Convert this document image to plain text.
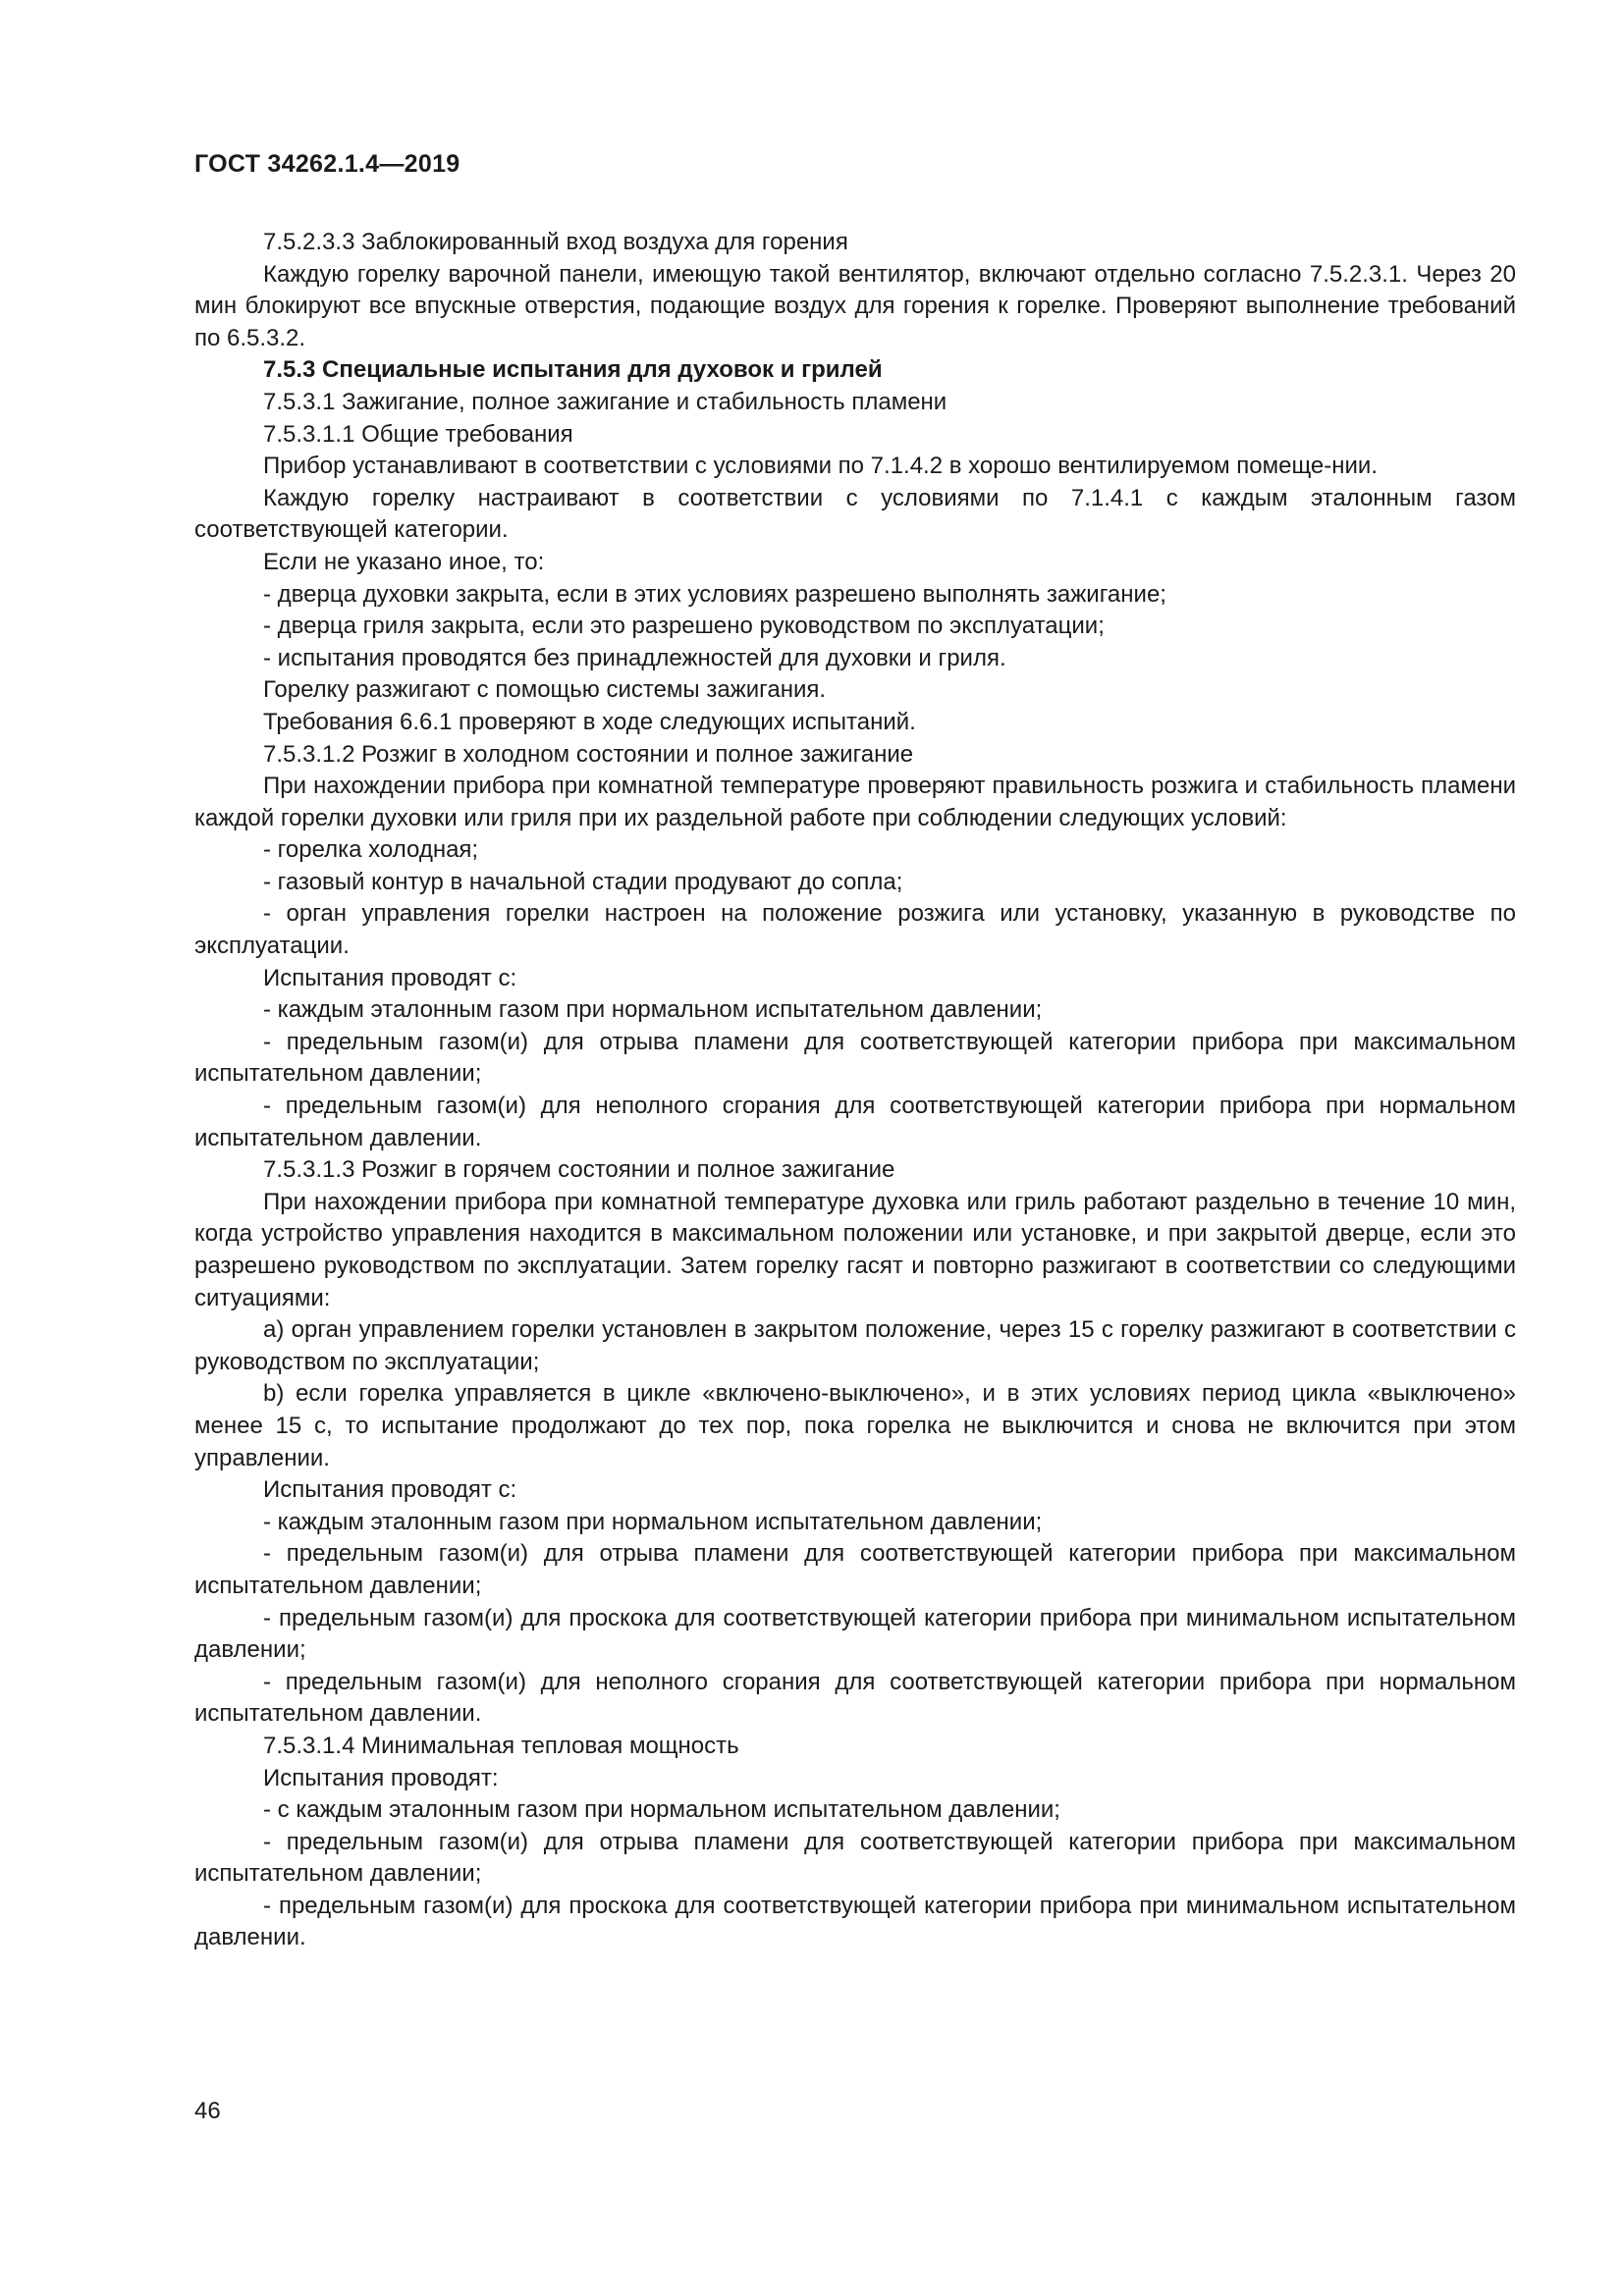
ГОСТ 34262.1.4—2019

7.5.2.3.3 Заблокированный вход воздуха для горения

Каждую горелку варочной панели, имеющую такой вентилятор, включают отдельно согласно 7.5.2.3.1. Через 20 мин блокируют все впускные отверстия, подающие воздух для горения к горелке. Проверяют выполнение требований по 6.5.3.2.

7.5.3 Специальные испытания для духовок и грилей

7.5.3.1 Зажигание, полное зажигание и стабильность пламени

7.5.3.1.1 Общие требования

Прибор устанавливают в соответствии с условиями по 7.1.4.2 в хорошо вентилируемом помеще-нии.

Каждую горелку настраивают в соответствии с условиями по 7.1.4.1 с каждым эталонным газом соответствующей категории.

Если не указано иное, то:

- дверца духовки закрыта, если в этих условиях разрешено выполнять зажигание;

- дверца гриля закрыта, если это разрешено руководством по эксплуатации;

- испытания проводятся без принадлежностей для духовки и гриля.

Горелку разжигают с помощью системы зажигания.

Требования 6.6.1 проверяют в ходе следующих испытаний.

7.5.3.1.2 Розжиг в холодном состоянии и полное зажигание

При нахождении прибора при комнатной температуре проверяют правильность розжига и стабильность пламени каждой горелки духовки или гриля при их раздельной работе при соблюдении следующих условий:

- горелка холодная;

- газовый контур в начальной стадии продувают до сопла;

- орган управления горелки настроен на положение розжига или установку, указанную в руководстве по эксплуатации.

Испытания проводят с:

- каждым эталонным газом при нормальном испытательном давлении;

- предельным газом(и) для отрыва пламени для соответствующей категории прибора при максимальном испытательном давлении;

- предельным газом(и) для неполного сгорания для соответствующей категории прибора при нормальном испытательном давлении.

7.5.3.1.3 Розжиг в горячем состоянии и полное зажигание

При нахождении прибора при комнатной температуре духовка или гриль работают раздельно в течение 10 мин, когда устройство управления находится в максимальном положении или установке, и при закрытой дверце, если это разрешено руководством по эксплуатации. Затем горелку гасят и повторно разжигают в соответствии со следующими ситуациями:

a) орган управлением горелки установлен в закрытом положение, через 15 с горелку разжигают в соответствии с руководством по эксплуатации;

b) если горелка управляется в цикле «включено-выключено», и в этих условиях период цикла «выключено» менее 15 с, то испытание продолжают до тех пор, пока горелка не выключится и снова не включится при этом управлении.

Испытания проводят с:

- каждым эталонным газом при нормальном испытательном давлении;

- предельным газом(и) для отрыва пламени для соответствующей категории прибора при максимальном испытательном давлении;

- предельным газом(и) для проскока для соответствующей категории прибора при минимальном испытательном давлении;

- предельным газом(и) для неполного сгорания для соответствующей категории прибора при нормальном испытательном давлении.

7.5.3.1.4 Минимальная тепловая мощность

Испытания проводят:

- с каждым эталонным газом при нормальном испытательном давлении;

- предельным газом(и) для отрыва пламени для соответствующей категории прибора при максимальном испытательном давлении;

- предельным газом(и) для проскока для соответствующей категории прибора при минимальном испытательном давлении.

46
